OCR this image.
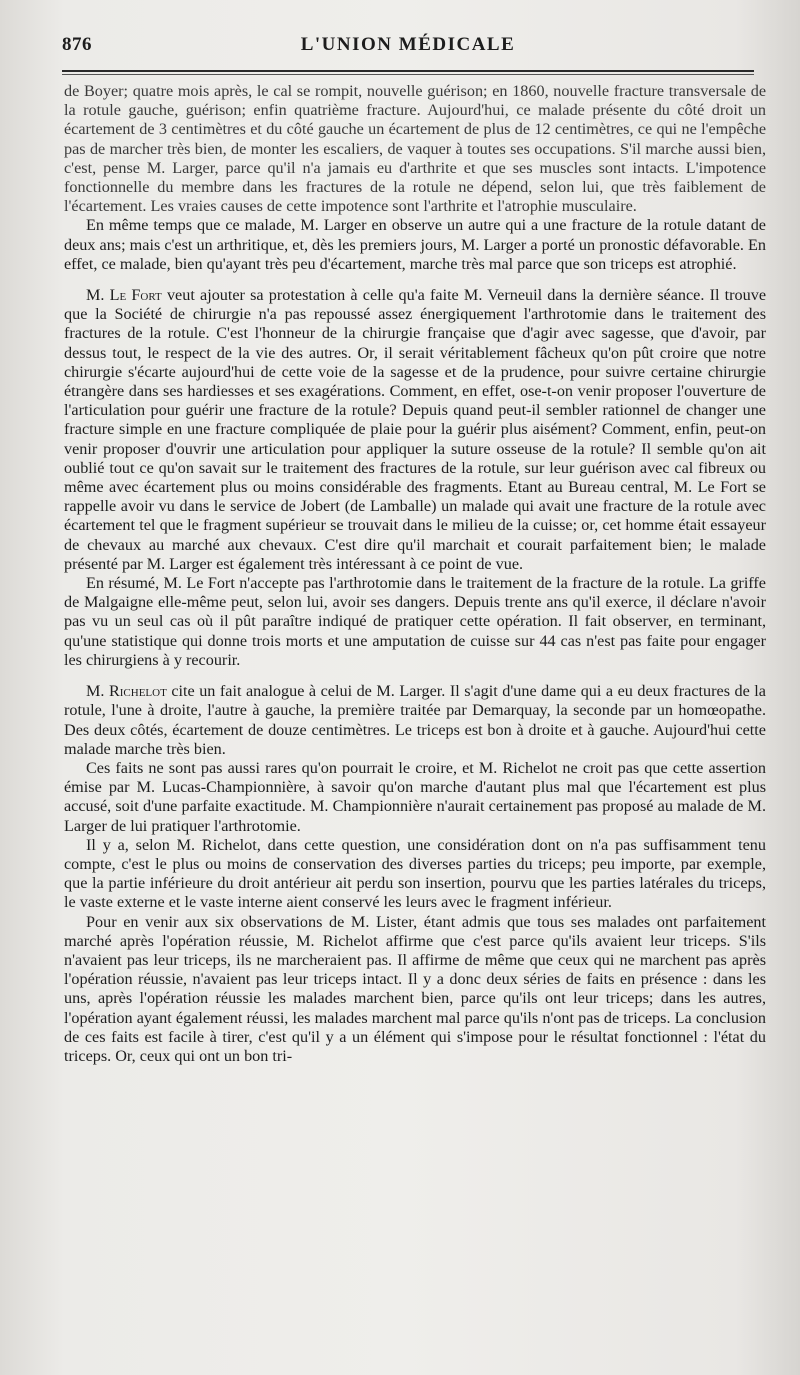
876	L'UNION MÉDICALE

de Boyer; quatre mois après, le cal se rompit, nouvelle guérison; en 1860, nouvelle fracture transversale de la rotule gauche, guérison; enfin quatrième fracture. Aujourd'hui, ce malade présente du côté droit un écartement de 3 centimètres et du côté gauche un écartement de plus de 12 centimètres, ce qui ne l'empêche pas de marcher très bien, de monter les escaliers, de vaquer à toutes ses occupations. S'il marche aussi bien, c'est, pense M. Larger, parce qu'il n'a jamais eu d'arthrite et que ses muscles sont intacts. L'impotence fonctionnelle du membre dans les fractures de la rotule ne dépend, selon lui, que très faiblement de l'écartement. Les vraies causes de cette impotence sont l'arthrite et l'atrophie musculaire.

En même temps que ce malade, M. Larger en observe un autre qui a une fracture de la rotule datant de deux ans; mais c'est un arthritique, et, dès les premiers jours, M. Larger a porté un pronostic défavorable. En effet, ce malade, bien qu'ayant très peu d'écartement, marche très mal parce que son triceps est atrophié.

M. Le Fort veut ajouter sa protestation à celle qu'a faite M. Verneuil dans la dernière séance. Il trouve que la Société de chirurgie n'a pas repoussé assez énergiquement l'arthrotomie dans le traitement des fractures de la rotule. C'est l'honneur de la chirurgie française que d'agir avec sagesse, que d'avoir, par dessus tout, le respect de la vie des autres. Or, il serait véritablement fâcheux qu'on pût croire que notre chirurgie s'écarte aujourd'hui de cette voie de la sagesse et de la prudence, pour suivre certaine chirurgie étrangère dans ses hardiesses et ses exagérations. Comment, en effet, ose-t-on venir proposer l'ouverture de l'articulation pour guérir une fracture de la rotule? Depuis quand peut-il sembler rationnel de changer une fracture simple en une fracture compliquée de plaie pour la guérir plus aisément? Comment, enfin, peut-on venir proposer d'ouvrir une articulation pour appliquer la suture osseuse de la rotule? Il semble qu'on ait oublié tout ce qu'on savait sur le traitement des fractures de la rotule, sur leur guérison avec cal fibreux ou même avec écartement plus ou moins considérable des fragments. Etant au Bureau central, M. Le Fort se rappelle avoir vu dans le service de Jobert (de Lamballe) un malade qui avait une fracture de la rotule avec écartement tel que le fragment supérieur se trouvait dans le milieu de la cuisse; or, cet homme était essayeur de chevaux au marché aux chevaux. C'est dire qu'il marchait et courait parfaitement bien; le malade présenté par M. Larger est également très intéressant à ce point de vue.

En résumé, M. Le Fort n'accepte pas l'arthrotomie dans le traitement de la fracture de la rotule. La griffe de Malgaigne elle-même peut, selon lui, avoir ses dangers. Depuis trente ans qu'il exerce, il déclare n'avoir pas vu un seul cas où il pût paraître indiqué de pratiquer cette opération. Il fait observer, en terminant, qu'une statistique qui donne trois morts et une amputation de cuisse sur 44 cas n'est pas faite pour engager les chirurgiens à y recourir.

M. Richelot cite un fait analogue à celui de M. Larger. Il s'agit d'une dame qui a eu deux fractures de la rotule, l'une à droite, l'autre à gauche, la première traitée par Demarquay, la seconde par un homœopathe. Des deux côtés, écartement de douze centimètres. Le triceps est bon à droite et à gauche. Aujourd'hui cette malade marche très bien.

Ces faits ne sont pas aussi rares qu'on pourrait le croire, et M. Richelot ne croit pas que cette assertion émise par M. Lucas-Championnière, à savoir qu'on marche d'autant plus mal que l'écartement est plus accusé, soit d'une parfaite exactitude. M. Championnière n'aurait certainement pas proposé au malade de M. Larger de lui pratiquer l'arthrotomie.

Il y a, selon M. Richelot, dans cette question, une considération dont on n'a pas suffisamment tenu compte, c'est le plus ou moins de conservation des diverses parties du triceps; peu importe, par exemple, que la partie inférieure du droit antérieur ait perdu son insertion, pourvu que les parties latérales du triceps, le vaste externe et le vaste interne aient conservé les leurs avec le fragment inférieur.

Pour en venir aux six observations de M. Lister, étant admis que tous ses malades ont parfaitement marché après l'opération réussie, M. Richelot affirme que c'est parce qu'ils avaient leur triceps. S'ils n'avaient pas leur triceps, ils ne marcheraient pas. Il affirme de même que ceux qui ne marchent pas après l'opération réussie, n'avaient pas leur triceps intact. Il y a donc deux séries de faits en présence : dans les uns, après l'opération réussie les malades marchent bien, parce qu'ils ont leur triceps; dans les autres, l'opération ayant également réussi, les malades marchent mal parce qu'ils n'ont pas de triceps. La conclusion de ces faits est facile à tirer, c'est qu'il y a un élément qui s'impose pour le résultat fonctionnel : l'état du triceps. Or, ceux qui ont un bon tri-
